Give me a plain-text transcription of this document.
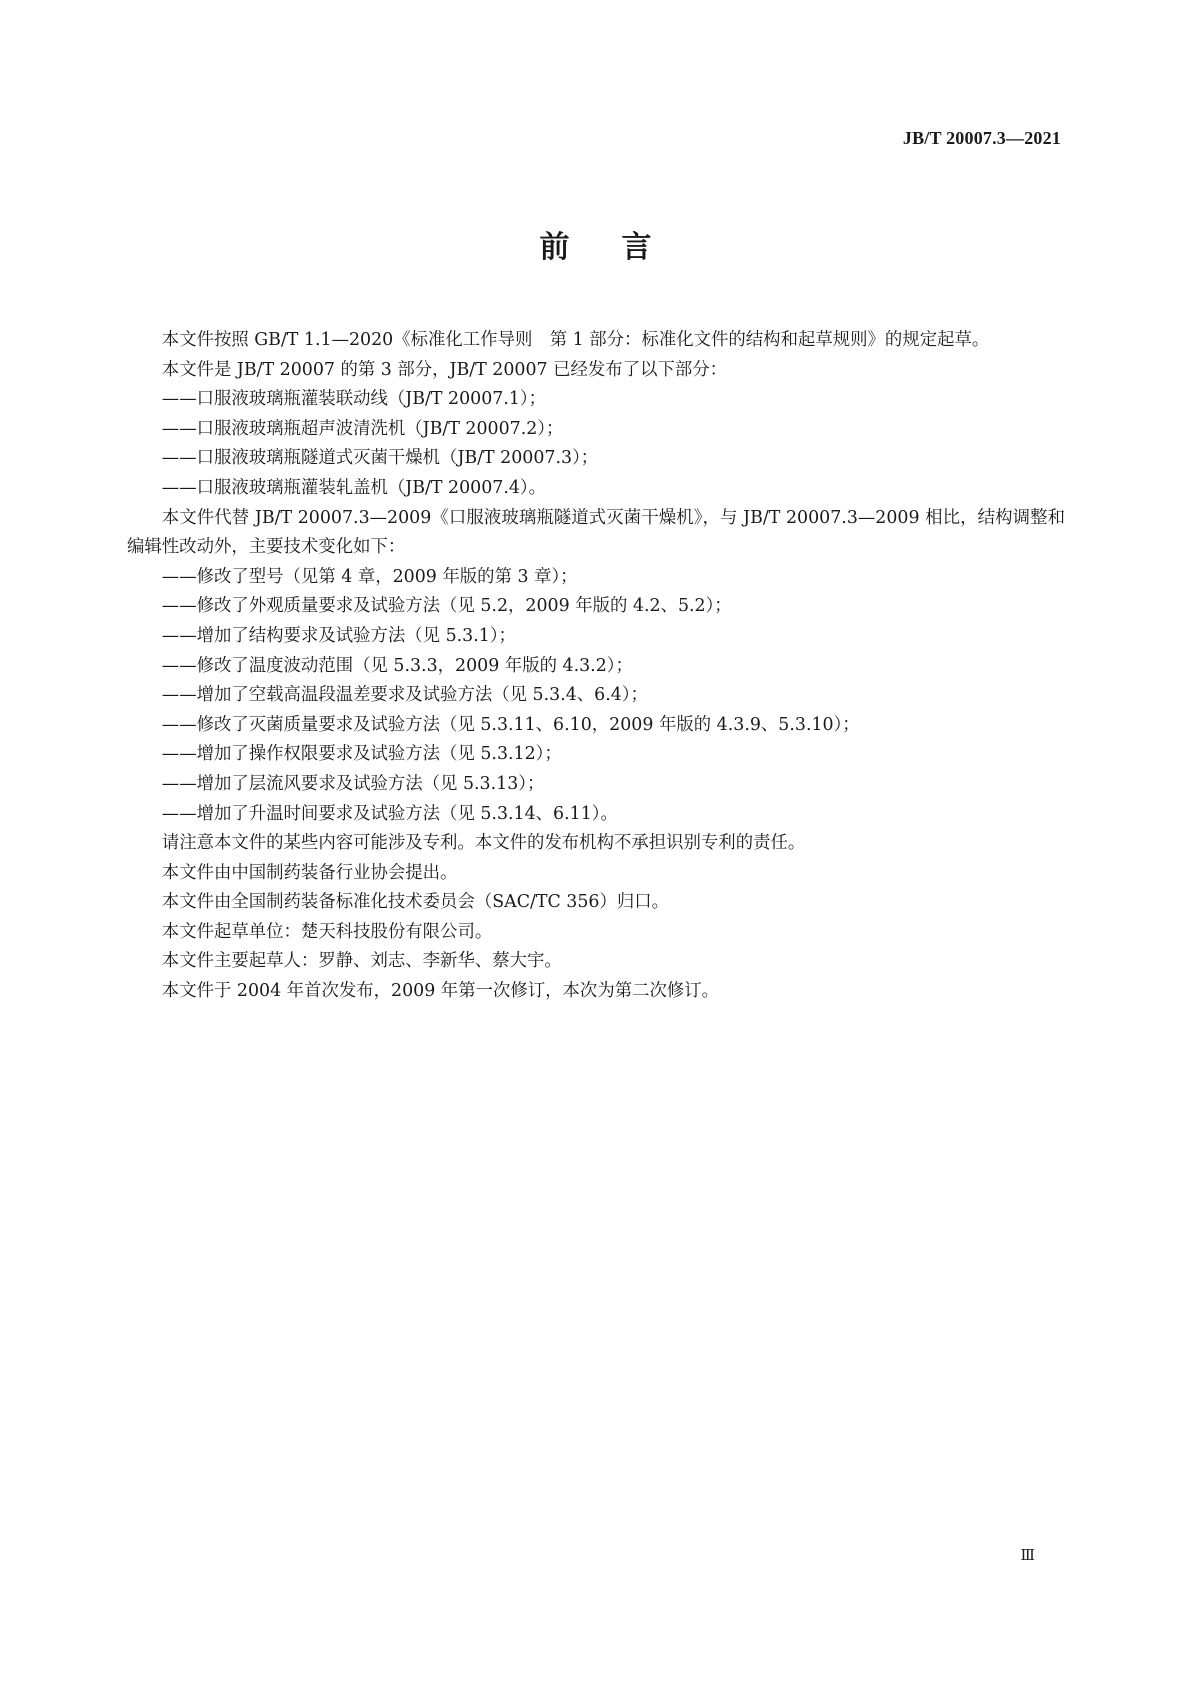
JB/T 20007.3—2021
前言

本文件按照 GB/T 1.1—2020《标准化工作导则　第 1 部分：标准化文件的结构和起草规则》的规定起草。

本文件是 JB/T 20007 的第 3 部分，JB/T 20007 已经发布了以下部分：

——口服液玻璃瓶灌装联动线（JB/T 20007.1）；

——口服液玻璃瓶超声波清洗机（JB/T 20007.2）；

——口服液玻璃瓶隧道式灭菌干燥机（JB/T 20007.3）；

——口服液玻璃瓶灌装轧盖机（JB/T 20007.4）。

本文件代替 JB/T 20007.3—2009《口服液玻璃瓶隧道式灭菌干燥机》，与 JB/T 20007.3—2009 相比，结构调整和编辑性改动外，主要技术变化如下：

——修改了型号（见第 4 章，2009 年版的第 3 章）；

——修改了外观质量要求及试验方法（见 5.2，2009 年版的 4.2、5.2）；

——增加了结构要求及试验方法（见 5.3.1）；

——修改了温度波动范围（见 5.3.3，2009 年版的 4.3.2）；

——增加了空载高温段温差要求及试验方法（见 5.3.4、6.4）；

——修改了灭菌质量要求及试验方法（见 5.3.11、6.10，2009 年版的 4.3.9、5.3.10）；

——增加了操作权限要求及试验方法（见 5.3.12）；

——增加了层流风要求及试验方法（见 5.3.13）；

——增加了升温时间要求及试验方法（见 5.3.14、6.11）。

请注意本文件的某些内容可能涉及专利。本文件的发布机构不承担识别专利的责任。

本文件由中国制药装备行业协会提出。

本文件由全国制药装备标准化技术委员会（SAC/TC 356）归口。

本文件起草单位：楚天科技股份有限公司。

本文件主要起草人：罗静、刘志、李新华、蔡大宇。

本文件于 2004 年首次发布，2009 年第一次修订，本次为第二次修订。

Ⅲ
